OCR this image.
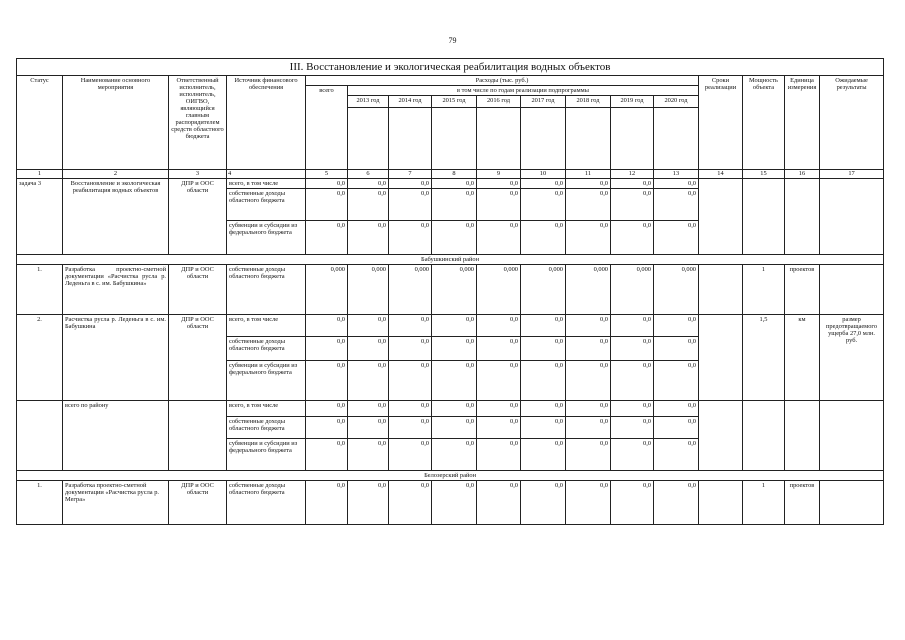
79
III. Восстановление и экологическая реабилитация водных объектов																
Статус	Наименование основного мероприятия	Ответственный исполнитель, исполнитель, ОИГВО, являющийся главным распорядителем средств областного бюджета	Источник финансового обеспечения	Расходы (тыс. руб.)									Сроки реализации	Мощность объекта	Единица измерения	Ожидаемые результаты
				всего	в том числе по годам реализации подпрограммы											
					2013 год	2014 год	2015 год	2016 год	2017 год	2018 год	2019 год	2020 год				

1	2	3	4	5	6	7	8	9	10	11	12	13	14	15	16	17
задача 3	Восстановление и экологическая реабилитация водных объектов	ДПР и ООС области	всего, в том числе	0,0	0,0	0,0	0,0	0,0	0,0	0,0	0,0	0,0				
			собственные доходы областного бюджета	0,0	0,0	0,0	0,0	0,0	0,0	0,0	0,0	0,0				
			субвенции и субсидии из федерального бюджета	0,0	0,0	0,0	0,0	0,0	0,0	0,0	0,0	0,0				
Бабушкинский район																
1.	Разработка проектно-сметной документации «Расчистка русла р. Леденьга в с. им. Бабушкина»	ДПР и ООС области	собственные доходы областного бюджета	0,000	0,000	0,000	0,000	0,000	0,000	0,000	0,000	0,000		1	проектов	
2.	Расчистка русла р. Леденьга в с. им. Бабушкина	ДПР и ООС области	всего, в том числе	0,0	0,0	0,0	0,0	0,0	0,0	0,0	0,0	0,0		1,5	км	размер предотвращаемого ущерба 27,0 млн. руб.
			собственные доходы областного бюджета	0,0	0,0	0,0	0,0	0,0	0,0	0,0	0,0	0,0				
			субвенции и субсидии из федерального бюджета	0,0	0,0	0,0	0,0	0,0	0,0	0,0	0,0	0,0				
	всего по району		всего, в том числе	0,0	0,0	0,0	0,0	0,0	0,0	0,0	0,0	0,0				
			собственные доходы областного бюджета	0,0	0,0	0,0	0,0	0,0	0,0	0,0	0,0	0,0				
			субвенции и субсидии из федерального бюджета	0,0	0,0	0,0	0,0	0,0	0,0	0,0	0,0	0,0				
Белозерский район																
1.	Разработка проектно-сметной документации «Расчистка русла р. Мегра»	ДПР и ООС области	собственные доходы областного бюджета	0,0	0,0	0,0	0,0	0,0	0,0	0,0	0,0	0,0		1	проектов	
